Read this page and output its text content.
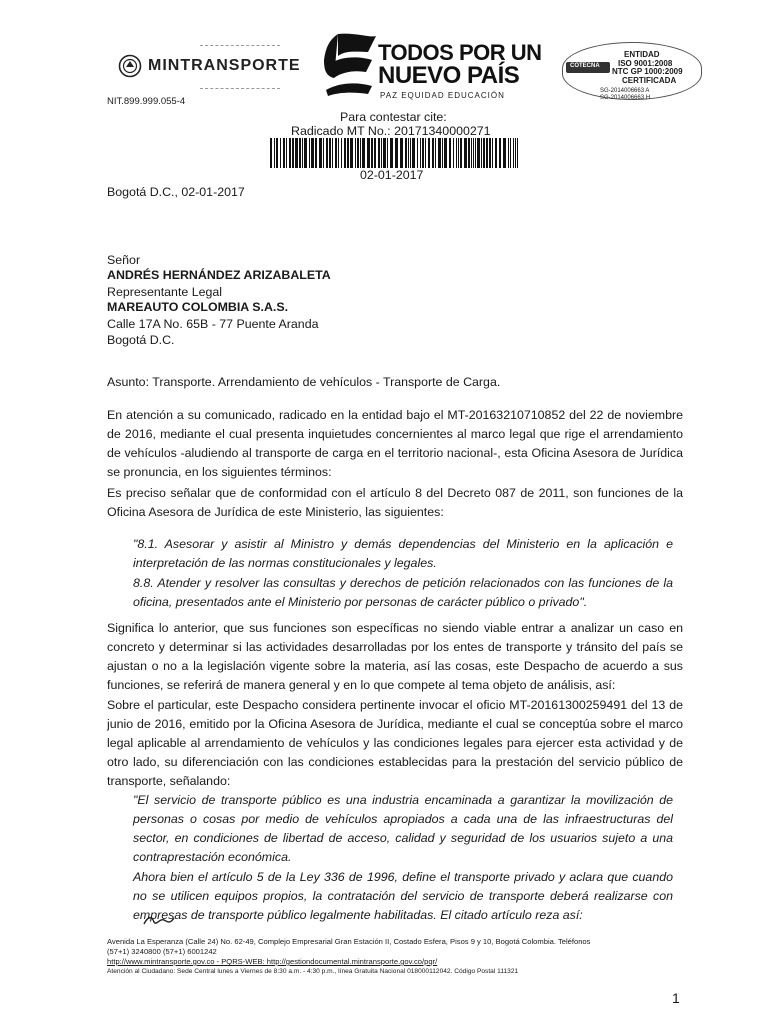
MINTRANSPORTE
NIT.899.999.055-4
TODOS POR UN
NUEVO PAÍS
PAZ EQUIDAD EDUCACIÓN
ENTIDAD
COTECNA ISO 9001:2008
NTC GP 1000:2009
CERTIFICADA
SG-2014006663 A
SG-2014006663 H
Para contestar cite:
Radicado MT No.: 20171340000271
02-01-2017
Bogotá D.C., 02-01-2017
Señor
ANDRÉS HERNÁNDEZ ARIZABALETA
Representante Legal
MAREAUTO COLOMBIA S.A.S.
Calle 17A No. 65B - 77 Puente Aranda
Bogotá D.C.
Asunto: Transporte. Arrendamiento de vehículos - Transporte de Carga.
En atención a su comunicado, radicado en la entidad bajo el MT-20163210710852 del 22 de noviembre de 2016, mediante el cual presenta inquietudes concernientes al marco legal que rige el arrendamiento de vehículos -aludiendo al transporte de carga en el territorio nacional-, esta Oficina Asesora de Jurídica se pronuncia, en los siguientes términos:
Es preciso señalar que de conformidad con el artículo 8 del Decreto 087 de 2011, son funciones de la Oficina Asesora de Jurídica de este Ministerio, las siguientes:
"8.1. Asesorar y asistir al Ministro y demás dependencias del Ministerio en la aplicación e interpretación de las normas constitucionales y legales.
8.8. Atender y resolver las consultas y derechos de petición relacionados con las funciones de la oficina, presentados ante el Ministerio por personas de carácter público o privado".
Significa lo anterior, que sus funciones son específicas no siendo viable entrar a analizar un caso en concreto y determinar si las actividades desarrolladas por los entes de transporte y tránsito del país se ajustan o no a la legislación vigente sobre la materia, así las cosas, este Despacho de acuerdo a sus funciones, se referirá de manera general y en lo que compete al tema objeto de análisis, así:
Sobre el particular, este Despacho considera pertinente invocar el oficio MT-20161300259491 del 13 de junio de 2016, emitido por la Oficina Asesora de Jurídica, mediante el cual se conceptúa sobre el marco legal aplicable al arrendamiento de vehículos y las condiciones legales para ejercer esta actividad y de otro lado, su diferenciación con las condiciones establecidas para la prestación del servicio público de transporte, señalando:
"El servicio de transporte público es una industria encaminada a garantizar la movilización de personas o cosas por medio de vehículos apropiados a cada una de las infraestructuras del sector, en condiciones de libertad de acceso, calidad y seguridad de los usuarios sujeto a una contraprestación económica.
Ahora bien el artículo 5 de la Ley 336 de 1996, define el transporte privado y aclara que cuando no se utilicen equipos propios, la contratación del servicio de transporte deberá realizarse con empresas de transporte público legalmente habilitadas. El citado artículo reza así:
Avenida La Esperanza (Calle 24) No. 62-49, Complejo Empresarial Gran Estación II, Costado Esfera, Pisos 9 y 10, Bogotá Colombia. Teléfonos
(57+1) 3240800 (57+1) 6001242
http://www.mintransporte.gov.co - PQRS-WEB: http://gestiondocumental.mintransporte.gov.co/pqr/
Atención al Ciudadano: Sede Central lunes a Viernes de 8:30 a.m. - 4:30 p.m., línea Gratuita Nacional 018000112042. Código Postal 111321
1
